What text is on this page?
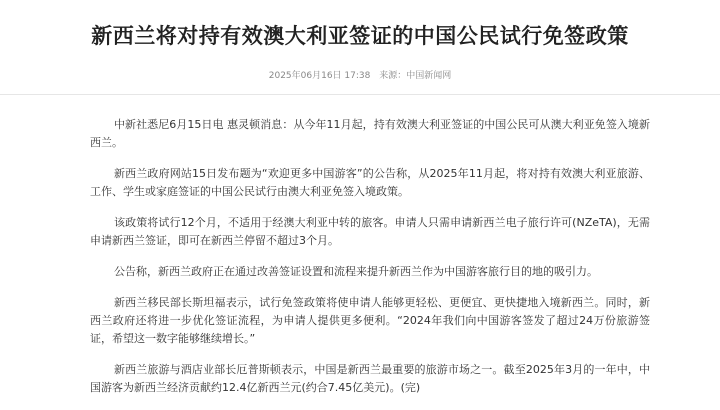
新西兰将对持有效澳大利亚签证的中国公民试行免签政策
2025年06月16日 17:38 来源：中国新闻网

中新社悉尼6月15日电 惠灵顿消息：从今年11月起，持有效澳大利亚签证的中国公民可从澳大利亚免签入境新西兰。

新西兰政府网站15日发布题为“欢迎更多中国游客”的公告称，从2025年11月起，将对持有效澳大利亚旅游、工作、学生或家庭签证的中国公民试行由澳大利亚免签入境政策。

该政策将试行12个月，不适用于经澳大利亚中转的旅客。申请人只需申请新西兰电子旅行许可(NZeTA)，无需申请新西兰签证，即可在新西兰停留不超过3个月。

公告称，新西兰政府正在通过改善签证设置和流程来提升新西兰作为中国游客旅行目的地的吸引力。

新西兰移民部长斯坦福表示，试行免签政策将使申请人能够更轻松、更便宜、更快捷地入境新西兰。同时，新西兰政府还将进一步优化签证流程，为申请人提供更多便利。“2024年我们向中国游客签发了超过24万份旅游签证，希望这一数字能够继续增长。”

新西兰旅游与酒店业部长厄普斯顿表示，中国是新西兰最重要的旅游市场之一。截至2025年3月的一年中，中国游客为新西兰经济贡献约12.4亿新西兰元(约合7.45亿美元)。(完)
